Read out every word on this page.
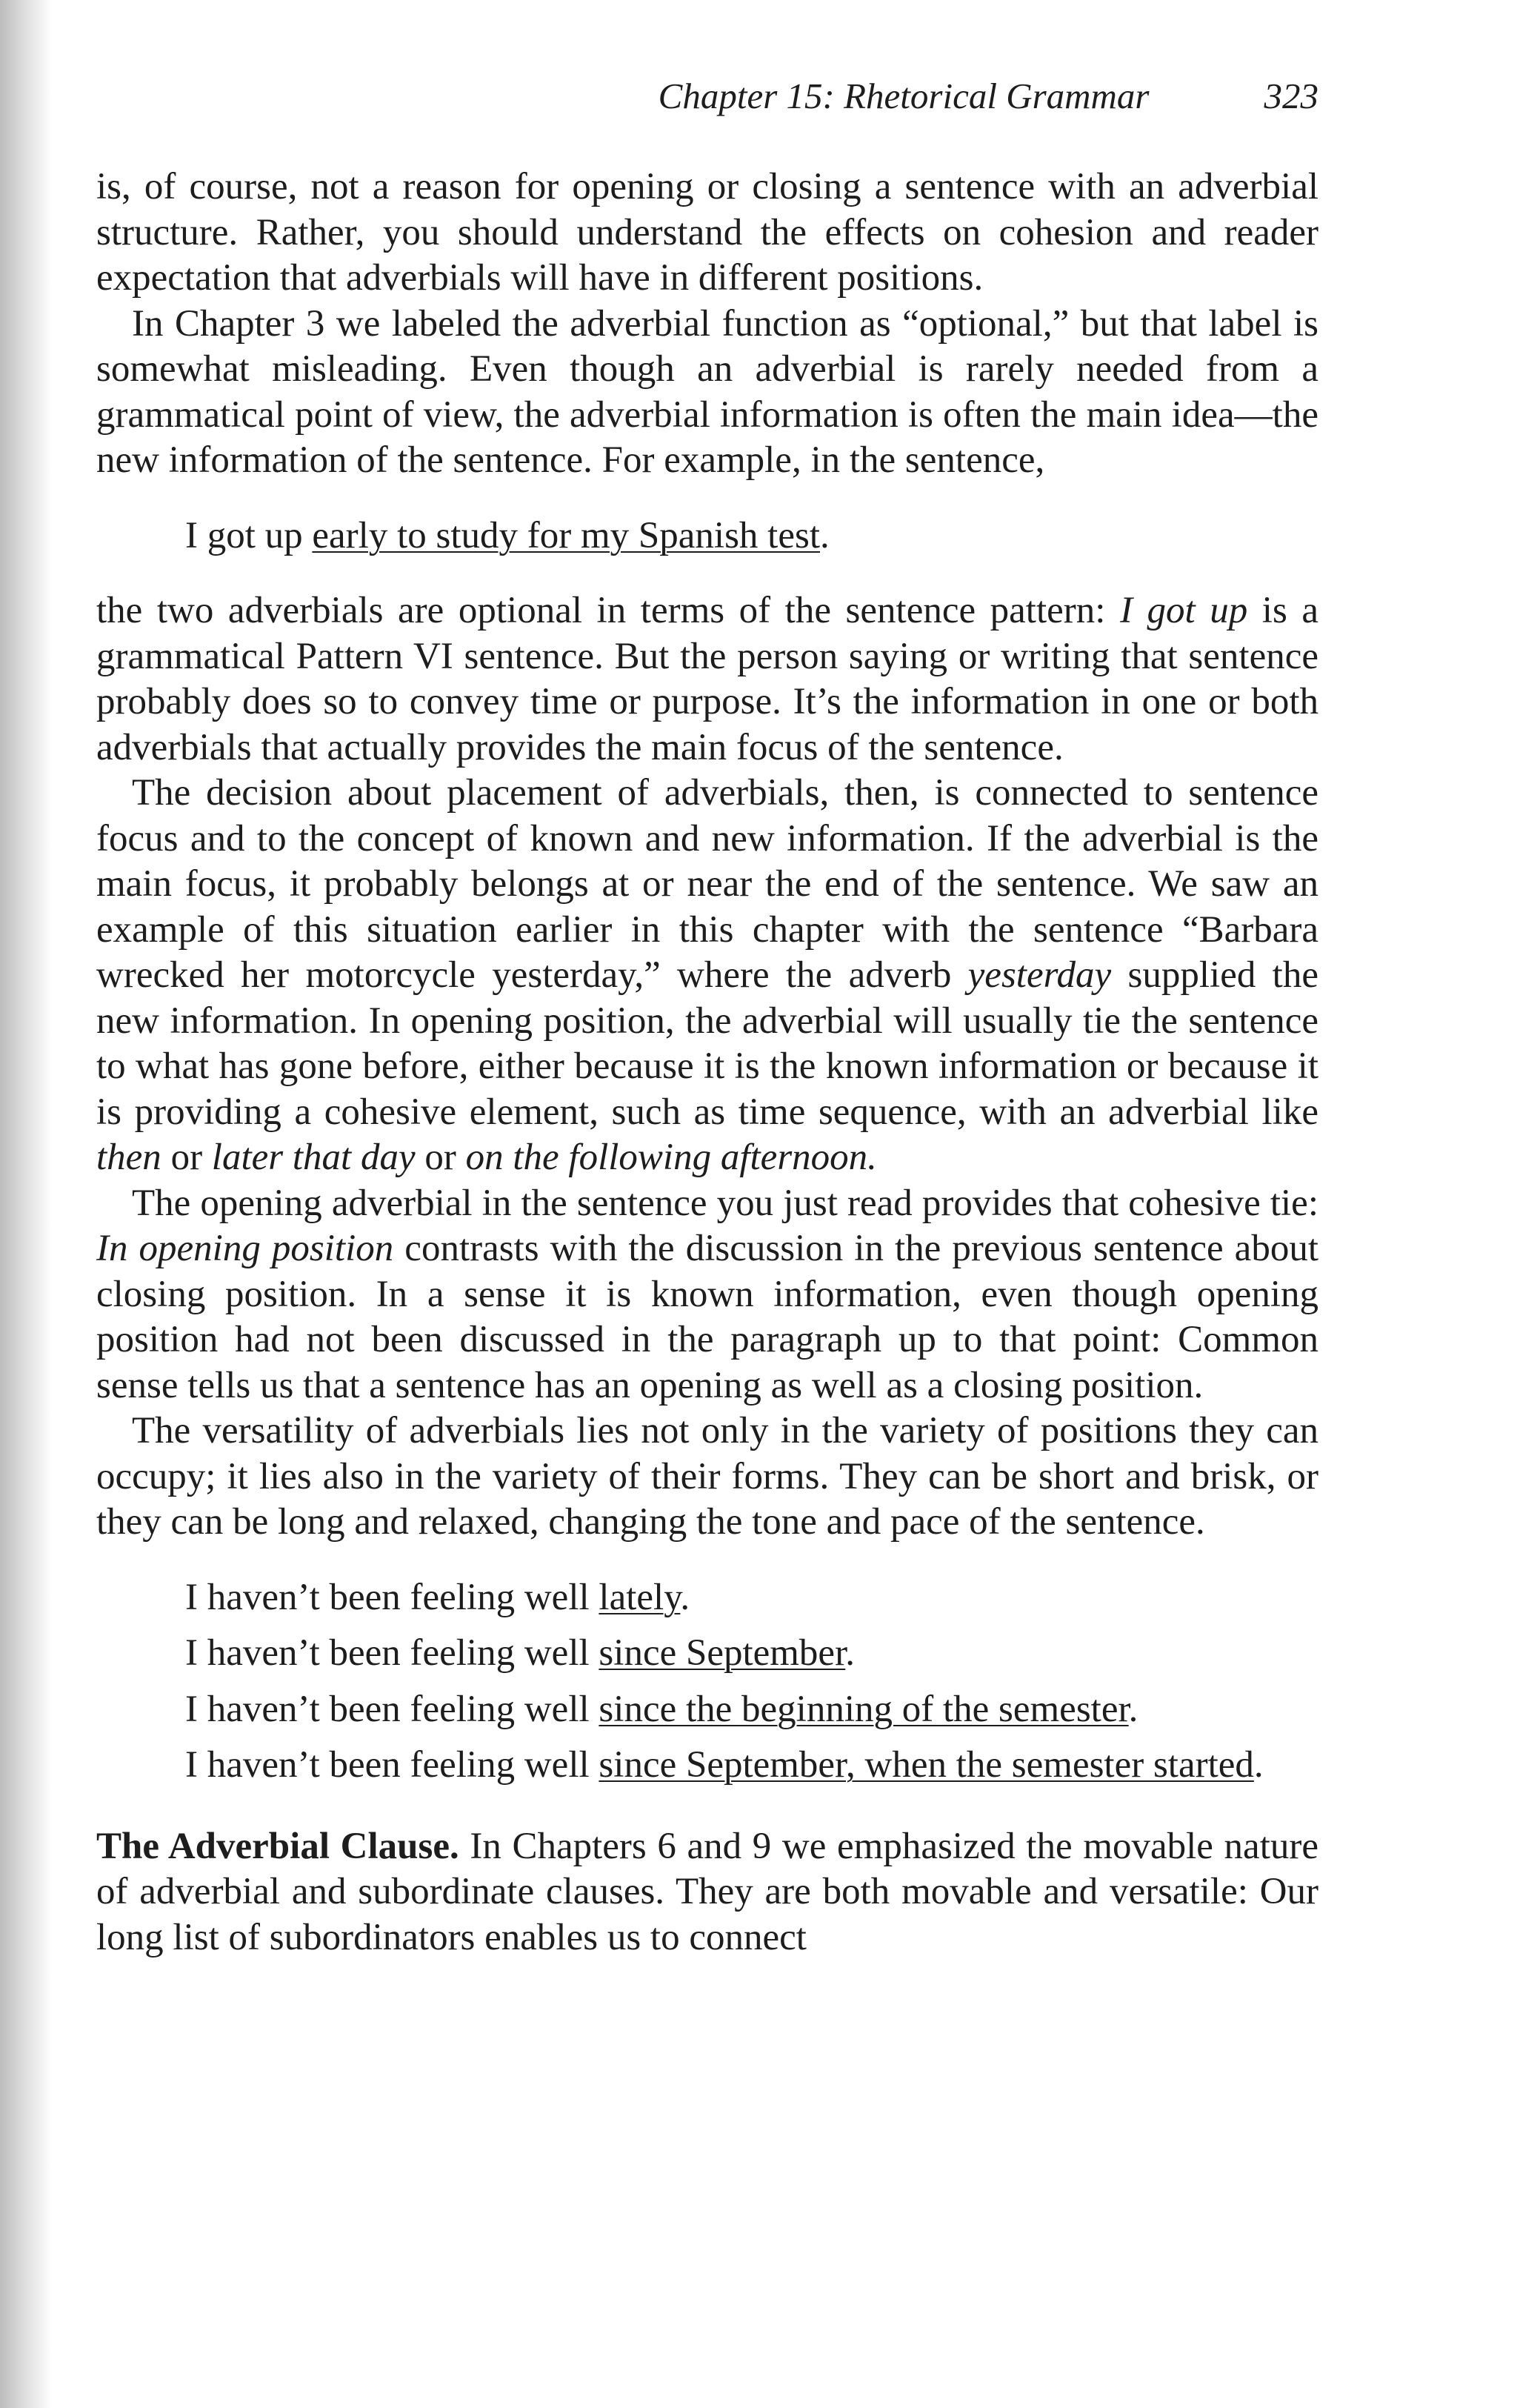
Chapter 15: Rhetorical Grammar	323

is, of course, not a reason for opening or closing a sentence with an adverbial structure. Rather, you should understand the effects on cohesion and reader expectation that adverbials will have in different positions.

In Chapter 3 we labeled the adverbial function as “optional,” but that label is somewhat misleading. Even though an adverbial is rarely needed from a grammatical point of view, the adverbial information is often the main idea—the new information of the sentence. For example, in the sentence,

I got up early to study for my Spanish test.

the two adverbials are optional in terms of the sentence pattern: I got up is a grammatical Pattern VI sentence. But the person saying or writing that sentence probably does so to convey time or purpose. It’s the information in one or both adverbials that actually provides the main focus of the sentence.

The decision about placement of adverbials, then, is connected to sentence focus and to the concept of known and new information. If the adverbial is the main focus, it probably belongs at or near the end of the sentence. We saw an example of this situation earlier in this chapter with the sentence “Barbara wrecked her motorcycle yesterday,” where the adverb yesterday supplied the new information. In opening position, the adverbial will usually tie the sentence to what has gone before, either because it is the known information or because it is providing a cohesive element, such as time sequence, with an adverbial like then or later that day or on the following afternoon.

The opening adverbial in the sentence you just read provides that cohesive tie: In opening position contrasts with the discussion in the previous sentence about closing position. In a sense it is known information, even though opening position had not been discussed in the paragraph up to that point: Common sense tells us that a sentence has an opening as well as a closing position.

The versatility of adverbials lies not only in the variety of positions they can occupy; it lies also in the variety of their forms. They can be short and brisk, or they can be long and relaxed, changing the tone and pace of the sentence.

I haven’t been feeling well lately.

I haven’t been feeling well since September.

I haven’t been feeling well since the beginning of the semester.

I haven’t been feeling well since September, when the semester started.

The Adverbial Clause. In Chapters 6 and 9 we emphasized the movable nature of adverbial and subordinate clauses. They are both movable and versatile: Our long list of subordinators enables us to connect
